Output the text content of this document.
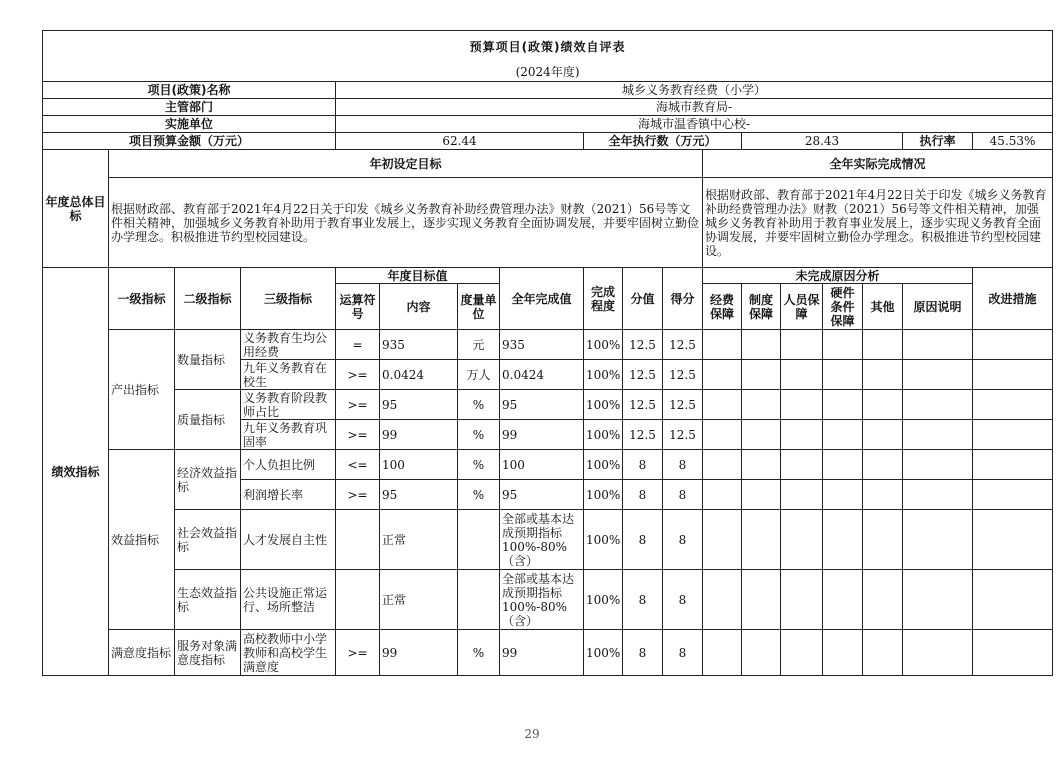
预算项目(政策)绩效自评表																	
(2024年度)																	
项目(政策)名称				城乡义务教育经费（小学）													
主管部门				海城市教育局-													
实施单位				海城市温香镇中心校-													
项目预算金额（万元）				62.44				全年执行数（万元）				28.43				执行率	45.53%
年度总体目标	年初设定目标										全年实际完成情况						
	根据财政部、教育部于2021年4月22日关于印发《城乡义务教育补助经费管理办法》财教（2021）56号等文件相关精神，加强城乡义务教育补助用于教育事业发展上，逐步实现义务教育全面协调发展，并要牢固树立勤俭办学理念。积极推进节约型校园建设。										根据财政部、教育部于2021年4月22日关于印发《城乡义务教育补助经费管理办法》财教（2021）56号等文件相关精神，加强城乡义务教育补助用于教育事业发展上，逐步实现义务教育全面协调发展，并要牢固树立勤俭办学理念。积极推进节约型校园建设。						
绩效指标	一级指标	二级指标	三级指标	年度目标值			全年完成值	完成程度	分值	得分	未完成原因分析						改进措施
				运算符号	内容	度量单位					经费保障	制度保障	人员保障	硬件条件保障	其他	原因说明	
	产出指标	数量指标	义务教育生均公用经费	=	935	元	935	100%	12.5	12.5							
			九年义务教育在校生	>=	0.0424	万人	0.0424	100%	12.5	12.5							
		质量指标	义务教育阶段教师占比	>=	95	%	95	100%	12.5	12.5							
			九年义务教育巩固率	>=	99	%	99	100%	12.5	12.5							
	效益指标	经济效益指标	个人负担比例	<=	100	%	100	100%	8	8							
			利润增长率	>=	95	%	95	100%	8	8							
		社会效益指标	人才发展自主性		正常		全部或基本达成预期指标100%-80%（含）	100%	8	8							
		生态效益指标	公共设施正常运行、场所整洁		正常		全部或基本达成预期指标100%-80%（含）	100%	8	8							
	满意度指标	服务对象满意度指标	高校教师中小学教师和高校学生满意度	>=	99	%	99	100%	8	8							
29
